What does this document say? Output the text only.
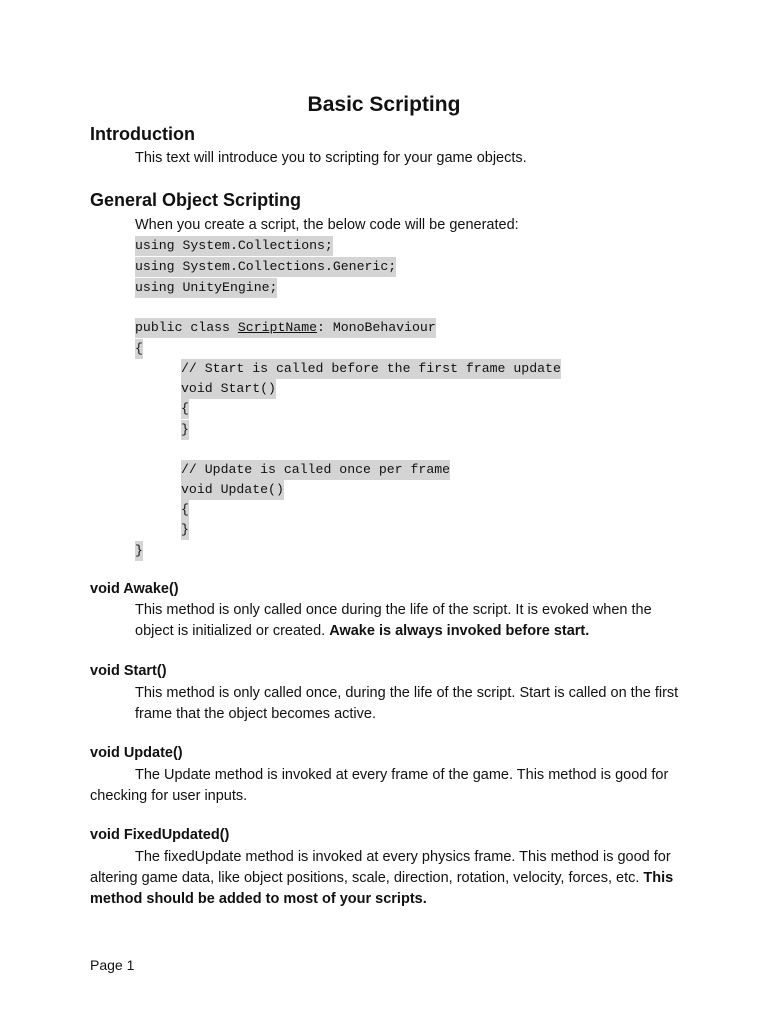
Basic Scripting
Introduction

This text will introduce you to scripting for your game objects.

General Object Scripting

When you create a script, the below code will be generated:

using System.Collections;
using System.Collections.Generic;
using UnityEngine;
public class ScriptName: MonoBehaviour
{
// Start is called before the first frame update
void Start()
{
}
// Update is called once per frame
void Update()
{
}
}

void Awake()

This method is only called once during the life of the script. It is evoked when the object is initialized or created. Awake is always invoked before start.

void Start()

This method is only called once, during the life of the script. Start is called on the first frame that the object becomes active.

void Update()

The Update method is invoked at every frame of the game. This method is good for checking for user inputs.

void FixedUpdated()

The fixedUpdate method is invoked at every physics frame. This method is good for altering game data, like object positions, scale, direction, rotation, velocity, forces, etc. This method should be added to most of your scripts.

Page 1
